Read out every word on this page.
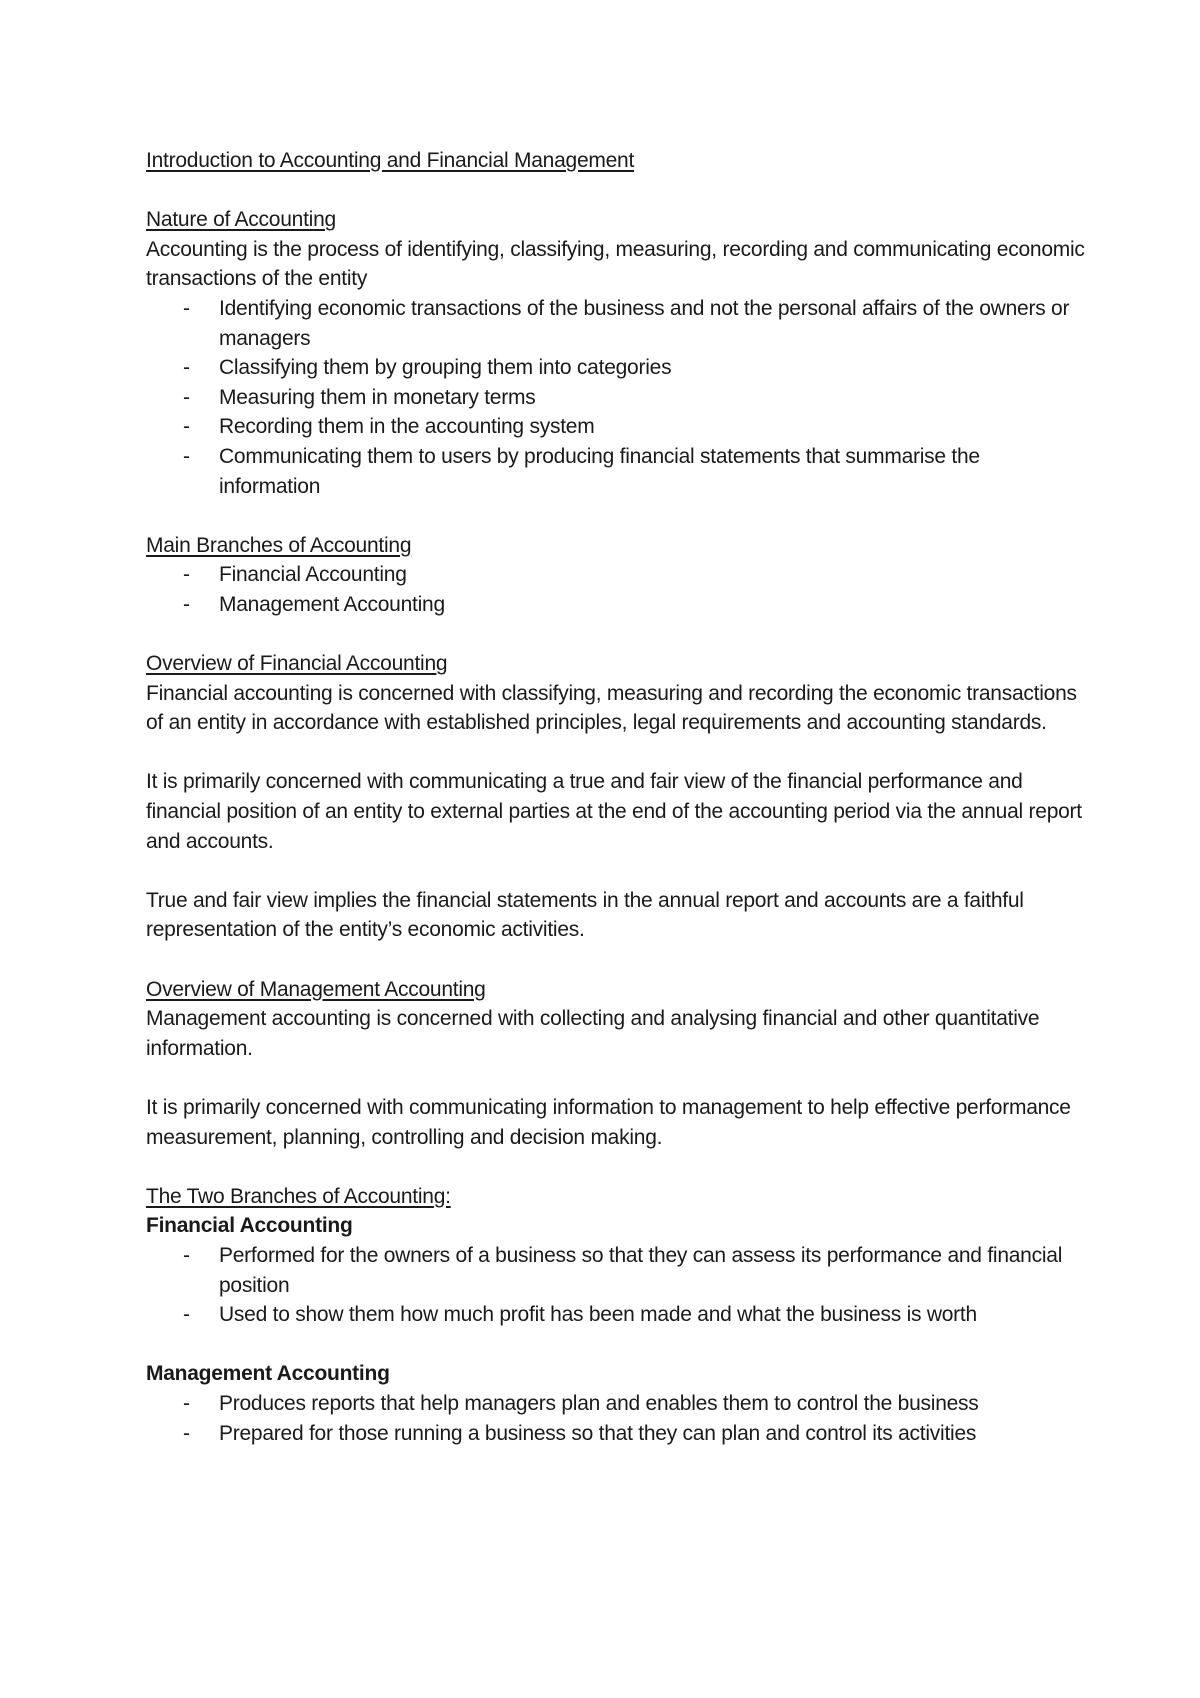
Introduction to Accounting and Financial Management

Nature of Accounting

Accounting is the process of identifying, classifying, measuring, recording and communicating economic transactions of the entity

- Identifying economic transactions of the business and not the personal affairs of the owners or managers

- Classifying them by grouping them into categories

- Measuring them in monetary terms

- Recording them in the accounting system

- Communicating them to users by producing financial statements that summarise the information

Main Branches of Accounting

- Financial Accounting

- Management Accounting

Overview of Financial Accounting

Financial accounting is concerned with classifying, measuring and recording the economic transactions of an entity in accordance with established principles, legal requirements and accounting standards.

It is primarily concerned with communicating a true and fair view of the financial performance and financial position of an entity to external parties at the end of the accounting period via the annual report and accounts.

True and fair view implies the financial statements in the annual report and accounts are a faithful representation of the entity’s economic activities.

Overview of Management Accounting

Management accounting is concerned with collecting and analysing financial and other quantitative information.

It is primarily concerned with communicating information to management to help effective performance measurement, planning, controlling and decision making.

The Two Branches of Accounting:

Financial Accounting

- Performed for the owners of a business so that they can assess its performance and financial position

- Used to show them how much profit has been made and what the business is worth

Management Accounting

- Produces reports that help managers plan and enables them to control the business

- Prepared for those running a business so that they can plan and control its activities
